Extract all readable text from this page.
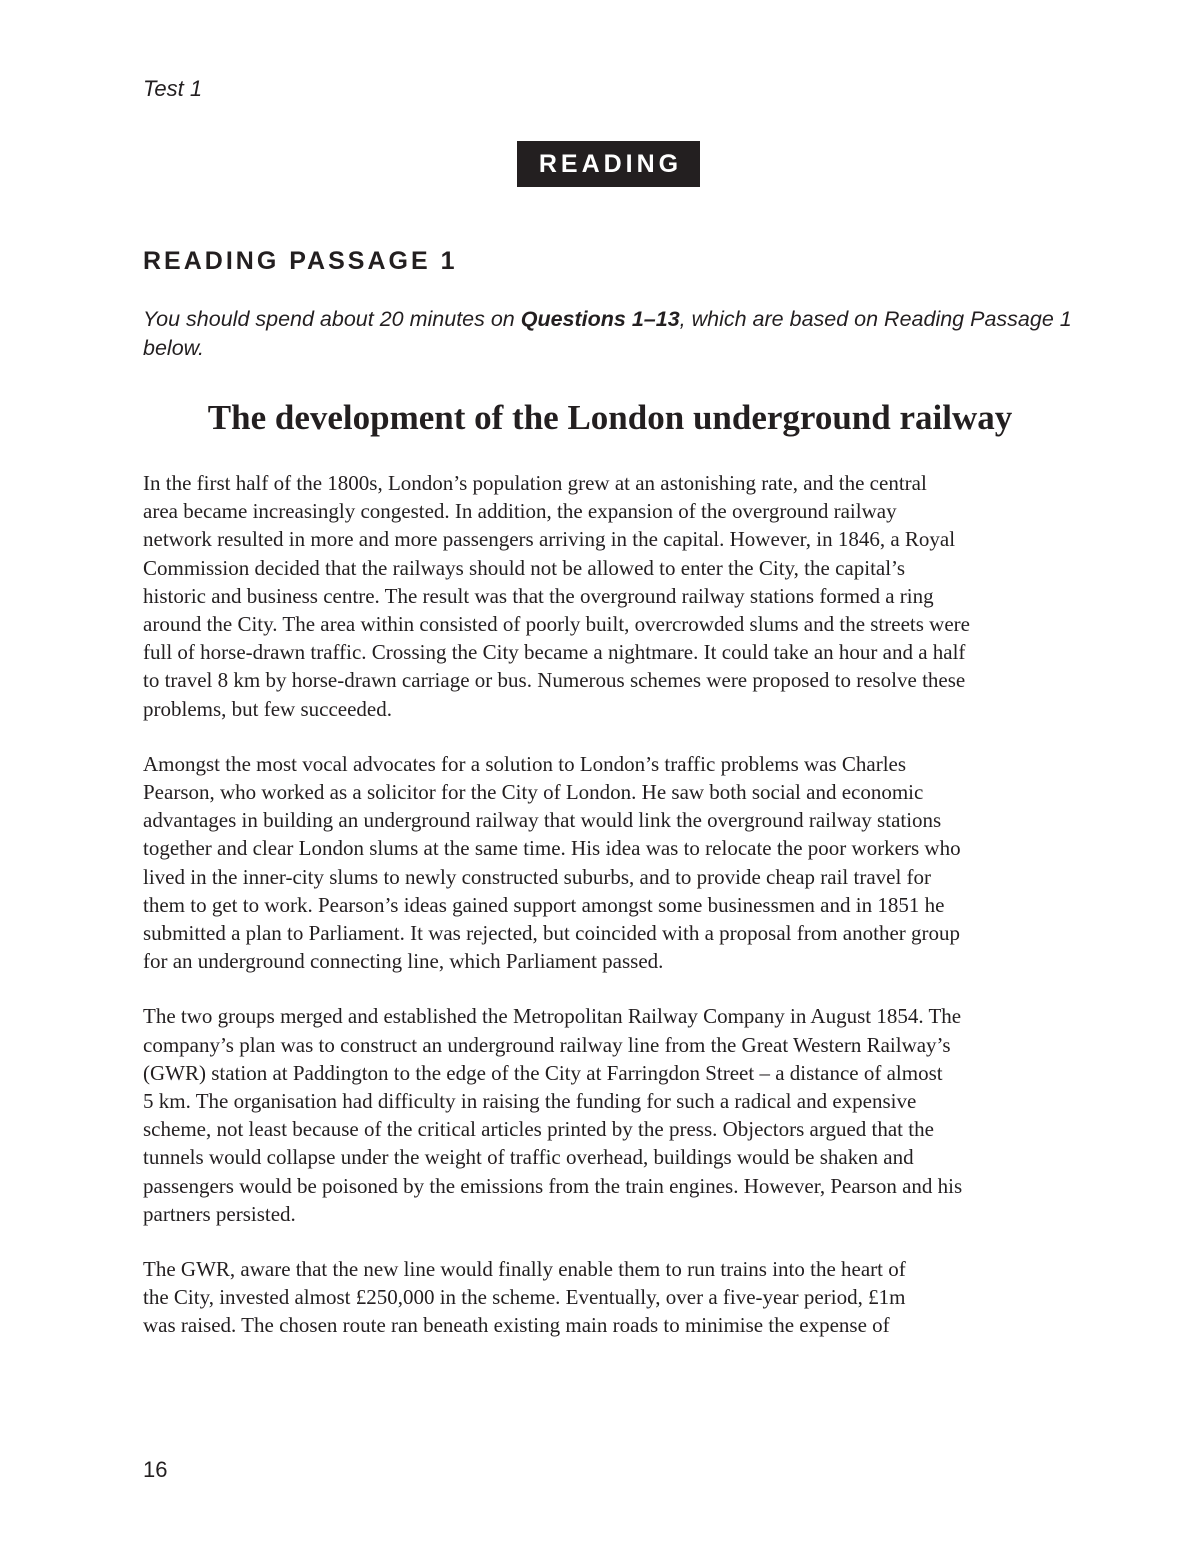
Test 1

READING
READING PASSAGE 1

You should spend about 20 minutes on Questions 1–13, which are based on Reading Passage 1 below.

The development of the London underground railway

In the first half of the 1800s, London’s population grew at an astonishing rate, and the central
area became increasingly congested. In addition, the expansion of the overground railway
network resulted in more and more passengers arriving in the capital. However, in 1846, a Royal
Commission decided that the railways should not be allowed to enter the City, the capital’s
historic and business centre. The result was that the overground railway stations formed a ring
around the City. The area within consisted of poorly built, overcrowded slums and the streets were
full of horse-drawn traffic. Crossing the City became a nightmare. It could take an hour and a half
to travel 8 km by horse-drawn carriage or bus. Numerous schemes were proposed to resolve these
problems, but few succeeded.

Amongst the most vocal advocates for a solution to London’s traffic problems was Charles
Pearson, who worked as a solicitor for the City of London. He saw both social and economic
advantages in building an underground railway that would link the overground railway stations
together and clear London slums at the same time. His idea was to relocate the poor workers who
lived in the inner-city slums to newly constructed suburbs, and to provide cheap rail travel for
them to get to work. Pearson’s ideas gained support amongst some businessmen and in 1851 he
submitted a plan to Parliament. It was rejected, but coincided with a proposal from another group
for an underground connecting line, which Parliament passed.

The two groups merged and established the Metropolitan Railway Company in August 1854. The
company’s plan was to construct an underground railway line from the Great Western Railway’s
(GWR) station at Paddington to the edge of the City at Farringdon Street – a distance of almost
5 km. The organisation had difficulty in raising the funding for such a radical and expensive
scheme, not least because of the critical articles printed by the press. Objectors argued that the
tunnels would collapse under the weight of traffic overhead, buildings would be shaken and
passengers would be poisoned by the emissions from the train engines. However, Pearson and his
partners persisted.

The GWR, aware that the new line would finally enable them to run trains into the heart of
the City, invested almost £250,000 in the scheme. Eventually, over a five-year period, £1m
was raised. The chosen route ran beneath existing main roads to minimise the expense of

16
